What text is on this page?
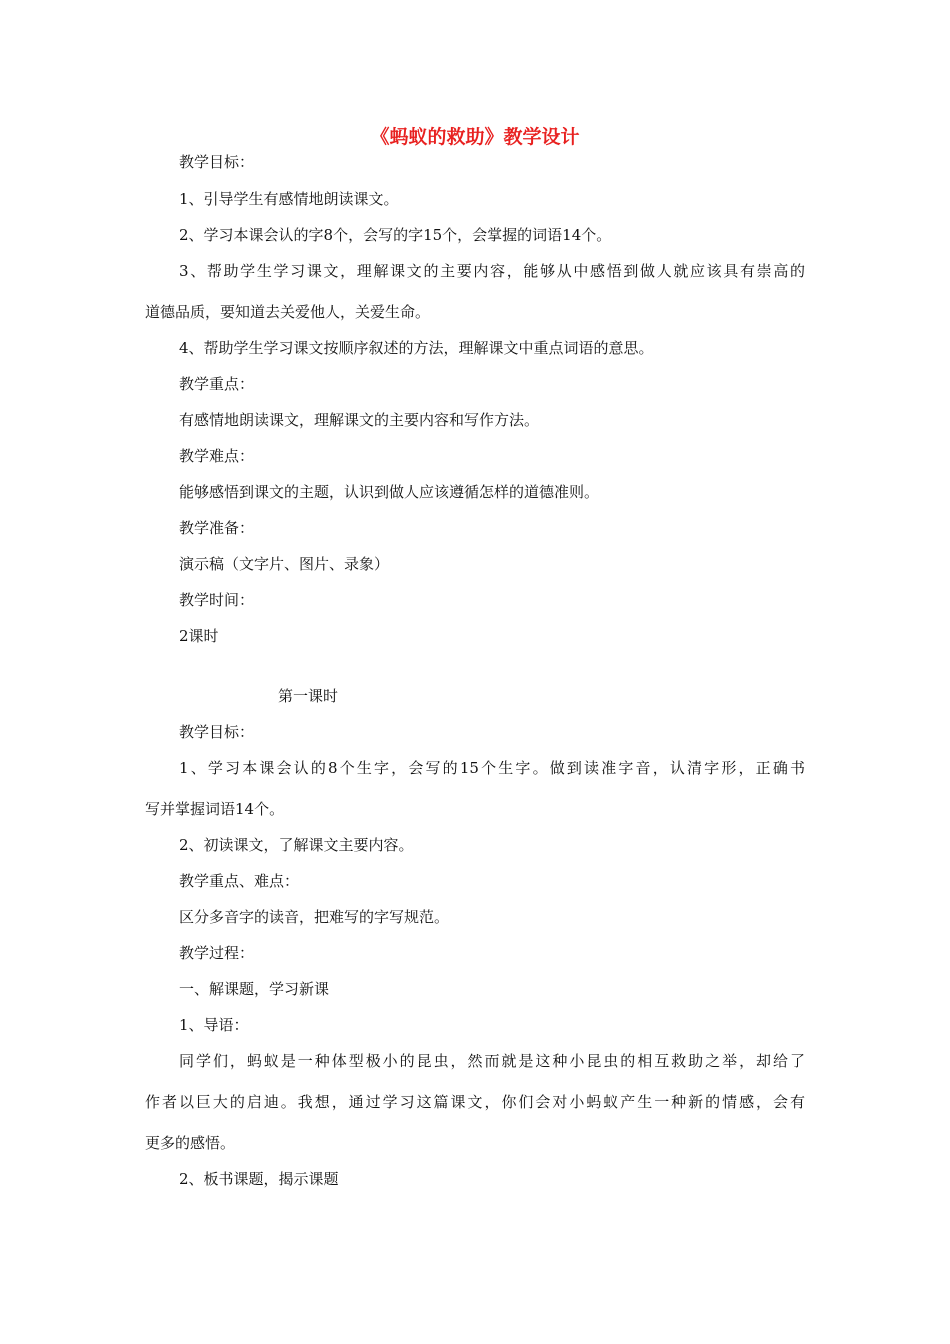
《蚂蚁的救助》教学设计
教学目标：
1、引导学生有感情地朗读课文。
2、学习本课会认的字8个，会写的字15个，会掌握的词语14个。
3、帮助学生学习课文，理解课文的主要内容，能够从中感悟到做人就应该具有崇高的
道德品质，要知道去关爱他人，关爱生命。
4、帮助学生学习课文按顺序叙述的方法，理解课文中重点词语的意思。
教学重点：
有感情地朗读课文，理解课文的主要内容和写作方法。
教学难点：
能够感悟到课文的主题，认识到做人应该遵循怎样的道德准则。
教学准备：
演示稿（文字片、图片、录象）
教学时间：
2课时
第一课时
教学目标：
1、学习本课会认的8个生字，会写的15个生字。做到读准字音，认清字形，正确书
写并掌握词语14个。
2、初读课文，了解课文主要内容。
教学重点、难点：
区分多音字的读音，把难写的字写规范。
教学过程：
一、解课题，学习新课
1、导语：
同学们，蚂蚁是一种体型极小的昆虫，然而就是这种小昆虫的相互救助之举，却给了
作者以巨大的启迪。我想，通过学习这篇课文，你们会对小蚂蚁产生一种新的情感，会有
更多的感悟。
2、板书课题，揭示课题
